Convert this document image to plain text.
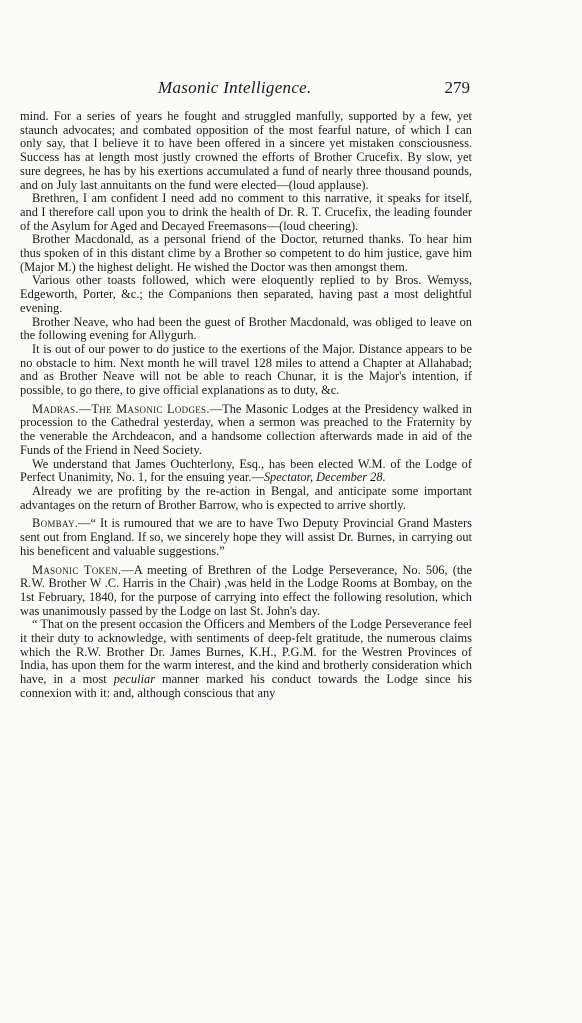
Masonic Intelligence.	279

mind. For a series of years he fought and struggled manfully, supported by a few, yet staunch advocates; and combated opposition of the most fearful nature, of which I can only say, that I believe it to have been offered in a sincere yet mistaken consciousness. Success has at length most justly crowned the efforts of Brother Crucefix. By slow, yet sure degrees, he has by his exertions accumulated a fund of nearly three thousand pounds, and on July last annuitants on the fund were elected—(loud applause).

Brethren, I am confident I need add no comment to this narrative, it speaks for itself, and I therefore call upon you to drink the health of Dr. R. T. Crucefix, the leading founder of the Asylum for Aged and Decayed Freemasons—(loud cheering).

Brother Macdonald, as a personal friend of the Doctor, returned thanks. To hear him thus spoken of in this distant clime by a Brother so competent to do him justice, gave him (Major M.) the highest delight. He wished the Doctor was then amongst them.

Various other toasts followed, which were eloquently replied to by Bros. Wemyss, Edgeworth, Porter, &c.; the Companions then separated, having past a most delightful evening.

Brother Neave, who had been the guest of Brother Macdonald, was obliged to leave on the following evening for Allygurh.

It is out of our power to do justice to the exertions of the Major. Distance appears to be no obstacle to him. Next month he will travel 128 miles to attend a Chapter at Allahabad; and as Brother Neave will not be able to reach Chunar, it is the Major's intention, if possible, to go there, to give official explanations as to duty, &c.

Madras.—The Masonic Lodges.—The Masonic Lodges at the Presidency walked in procession to the Cathedral yesterday, when a sermon was preached to the Fraternity by the venerable the Archdeacon, and a handsome collection afterwards made in aid of the Funds of the Friend in Need Society.

We understand that James Ouchterlony, Esq., has been elected W.M. of the Lodge of Perfect Unanimity, No. 1, for the ensuing year.—Spectator, December 28.

Already we are profiting by the re-action in Bengal, and anticipate some important advantages on the return of Brother Barrow, who is expected to arrive shortly.

Bombay.—“ It is rumoured that we are to have Two Deputy Provincial Grand Masters sent out from England. If so, we sincerely hope they will assist Dr. Burnes, in carrying out his beneficent and valuable suggestions.”

Masonic Token.—A meeting of Brethren of the Lodge Perseverance, No. 506, (the R.W. Brother W .C. Harris in the Chair) ,was held in the Lodge Rooms at Bombay, on the 1st February, 1840, for the purpose of carrying into effect the following resolution, which was unanimously passed by the Lodge on last St. John's day.

“ That on the present occasion the Officers and Members of the Lodge Perseverance feel it their duty to acknowledge, with sentiments of deep-felt gratitude, the numerous claims which the R.W. Brother Dr. James Burnes, K.H., P.G.M. for the Westren Provinces of India, has upon them for the warm interest, and the kind and brotherly consideration which have, in a most peculiar manner marked his conduct towards the Lodge since his connexion with it: and, although conscious that any
